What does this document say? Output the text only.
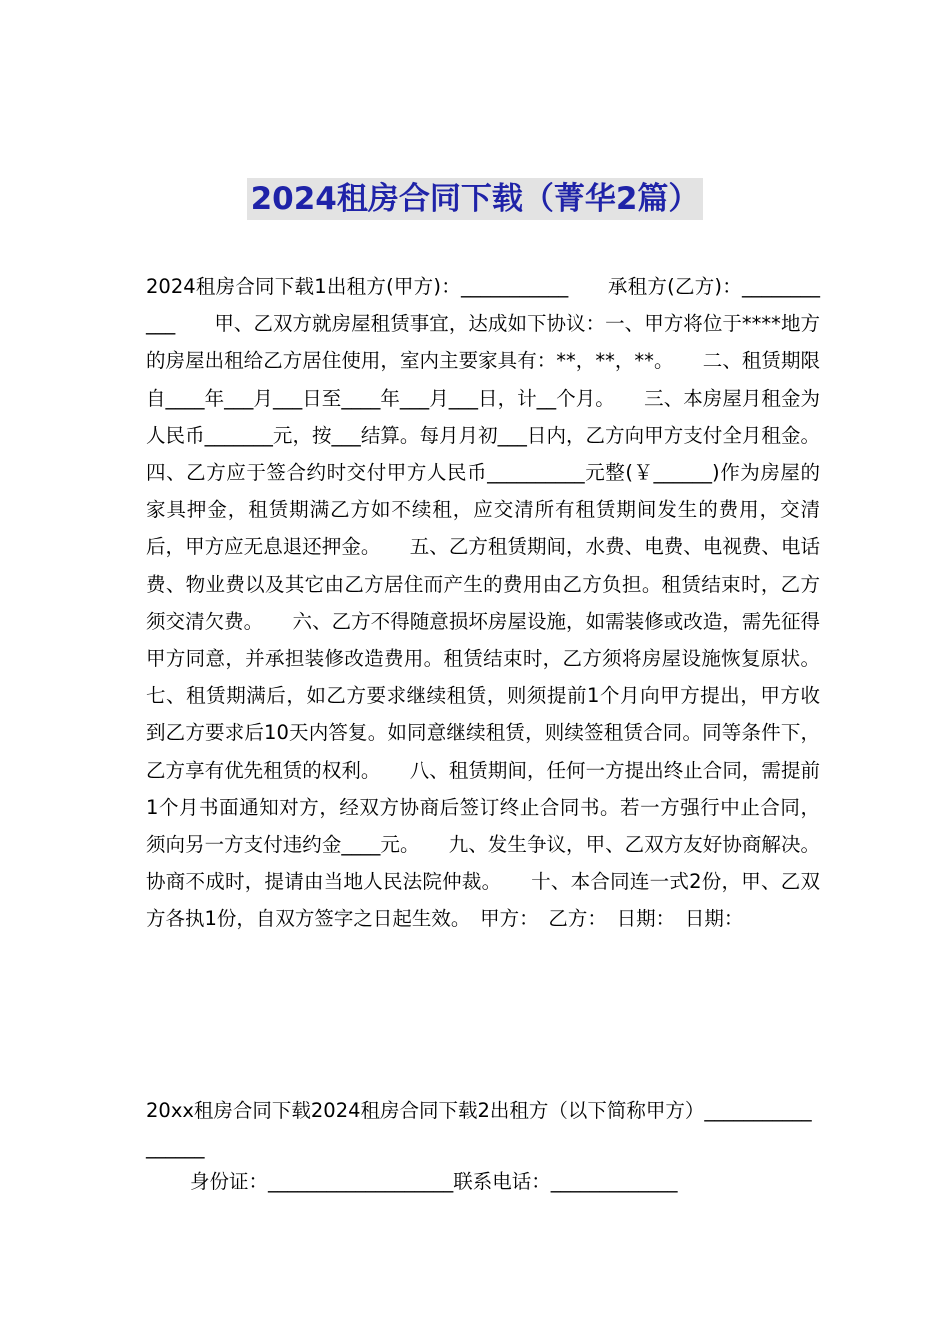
2024租房合同下载（菁华2篇）
2024租房合同下载1出租方(甲方)：___________　　承租方(乙方)：___________　　甲、乙双方就房屋租赁事宜，达成如下协议：一、甲方将位于****地方的房屋出租给乙方居住使用，室内主要家具有：**，**，**。　　二、租赁期限自____年___月___日至____年___月___日，计__个月。　　三、本房屋月租金为人民币_______元，按___结算。每月月初___日内，乙方向甲方支付全月租金。四、乙方应于签合约时交付甲方人民币__________元整(￥______)作为房屋的家具押金，租赁期满乙方如不续租，应交清所有租赁期间发生的费用，交清后，甲方应无息退还押金。　　五、乙方租赁期间，水费、电费、电视费、电话费、物业费以及其它由乙方居住而产生的费用由乙方负担。租赁结束时，乙方须交清欠费。　　六、乙方不得随意损坏房屋设施，如需装修或改造，需先征得甲方同意，并承担装修改造费用。租赁结束时，乙方须将房屋设施恢复原状。七、租赁期满后，如乙方要求继续租赁，则须提前1个月向甲方提出，甲方收到乙方要求后10天内答复。如同意继续租赁，则续签租赁合同。同等条件下，乙方享有优先租赁的权利。　　八、租赁期间，任何一方提出终止合同，需提前1个月书面通知对方，经双方协商后签订终止合同书。若一方强行中止合同，须向另一方支付违约金____元。　　九、发生争议，甲、乙双方友好协商解决。协商不成时，提请由当地人民法院仲裁。　　十、本合同连一式2份，甲、乙双方各执1份，自双方签字之日起生效。　甲方：　乙方：　日期：　日期：
20xx租房合同下载2024租房合同下载2出租方（以下简称甲方）_________________
身份证：___________________联系电话：_____________
